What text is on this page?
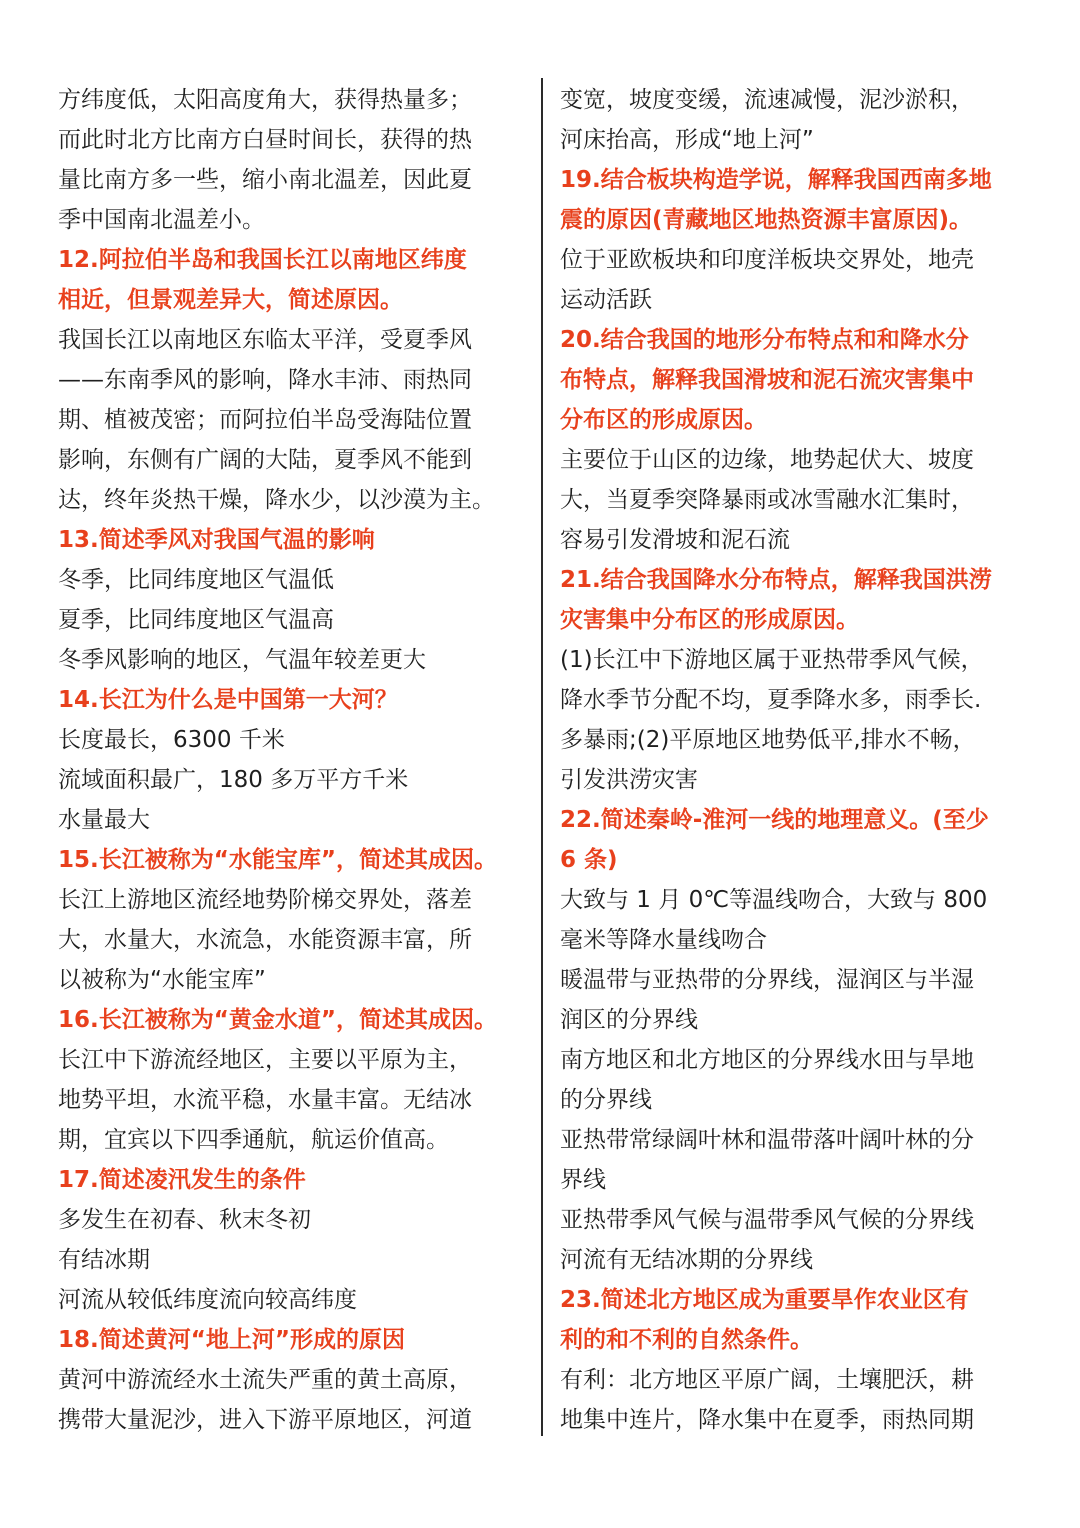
方纬度低，太阳高度角大，获得热量多；
而此时北方比南方白昼时间长，获得的热
量比南方多一些，缩小南北温差，因此夏
季中国南北温差小。
12.阿拉伯半岛和我国长江以南地区纬度
相近，但景观差异大，简述原因。
我国长江以南地区东临太平洋，受夏季风
——东南季风的影响，降水丰沛、雨热同
期、植被茂密；而阿拉伯半岛受海陆位置
影响，东侧有广阔的大陆，夏季风不能到
达，终年炎热干燥，降水少，以沙漠为主。
13.简述季风对我国气温的影响
冬季，比同纬度地区气温低
夏季，比同纬度地区气温高
冬季风影响的地区，气温年较差更大
14.长江为什么是中国第一大河？
长度最长，6300 千米
流域面积最广，180 多万平方千米
水量最大
15.长江被称为“水能宝库”，简述其成因。
长江上游地区流经地势阶梯交界处，落差
大，水量大，水流急，水能资源丰富，所
以被称为“水能宝库”
16.长江被称为“黄金水道”，简述其成因。
长江中下游流经地区，主要以平原为主，
地势平坦，水流平稳，水量丰富。无结冰
期，宜宾以下四季通航，航运价值高。
17.简述凌汛发生的条件
多发生在初春、秋末冬初
有结冰期
河流从较低纬度流向较高纬度
18.简述黄河“地上河”形成的原因
黄河中游流经水土流失严重的黄土高原，
携带大量泥沙，进入下游平原地区，河道
变宽，坡度变缓，流速减慢，泥沙淤积，
河床抬高，形成“地上河”
19.结合板块构造学说，解释我国西南多地
震的原因(青藏地区地热资源丰富原因)。
位于亚欧板块和印度洋板块交界处，地壳
运动活跃
20.结合我国的地形分布特点和和降水分
布特点，解释我国滑坡和泥石流灾害集中
分布区的形成原因。
主要位于山区的边缘，地势起伏大、坡度
大，当夏季突降暴雨或冰雪融水汇集时，
容易引发滑坡和泥石流
21.结合我国降水分布特点，解释我国洪涝
灾害集中分布区的形成原因。
(1)长江中下游地区属于亚热带季风气候，
降水季节分配不均，夏季降水多，雨季长.
多暴雨;(2)平原地区地势低平,排水不畅，
引发洪涝灾害
22.简述秦岭-淮河一线的地理意义。(至少
6 条)
大致与 1 月 0℃等温线吻合，大致与 800
毫米等降水量线吻合
暖温带与亚热带的分界线，湿润区与半湿
润区的分界线
南方地区和北方地区的分界线水田与旱地
的分界线
亚热带常绿阔叶林和温带落叶阔叶林的分
界线
亚热带季风气候与温带季风气候的分界线
河流有无结冰期的分界线
23.简述北方地区成为重要旱作农业区有
利的和不利的自然条件。
有利：北方地区平原广阔，土壤肥沃，耕
地集中连片，降水集中在夏季，雨热同期
